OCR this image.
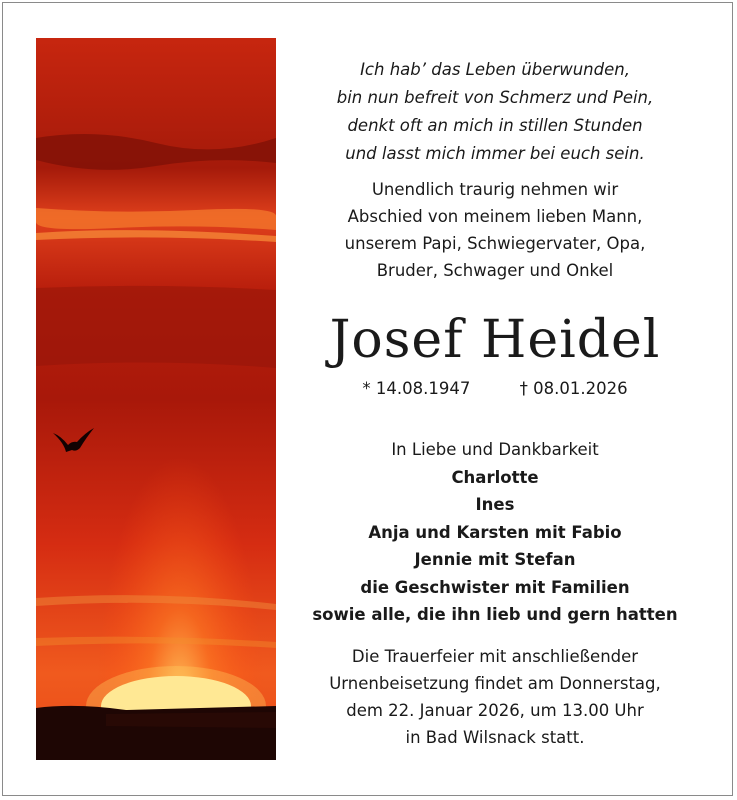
Ich hab’ das Leben überwunden,
bin nun befreit von Schmerz und Pein,
denkt oft an mich in stillen Stunden
und lasst mich immer bei euch sein.
Unendlich traurig nehmen wir
Abschied von meinem lieben Mann,
unserem Papi, Schwiegervater, Opa,
Bruder, Schwager und Onkel
Josef Heidel
* 14.08.1947	† 08.01.2026
In Liebe und Dankbarkeit
Charlotte
Ines
Anja und Karsten mit Fabio
Jennie mit Stefan
die Geschwister mit Familien
sowie alle, die ihn lieb und gern hatten
Die Trauerfeier mit anschließender
Urnenbeisetzung findet am Donnerstag,
dem 22. Januar 2026, um 13.00 Uhr
in Bad Wilsnack statt.
